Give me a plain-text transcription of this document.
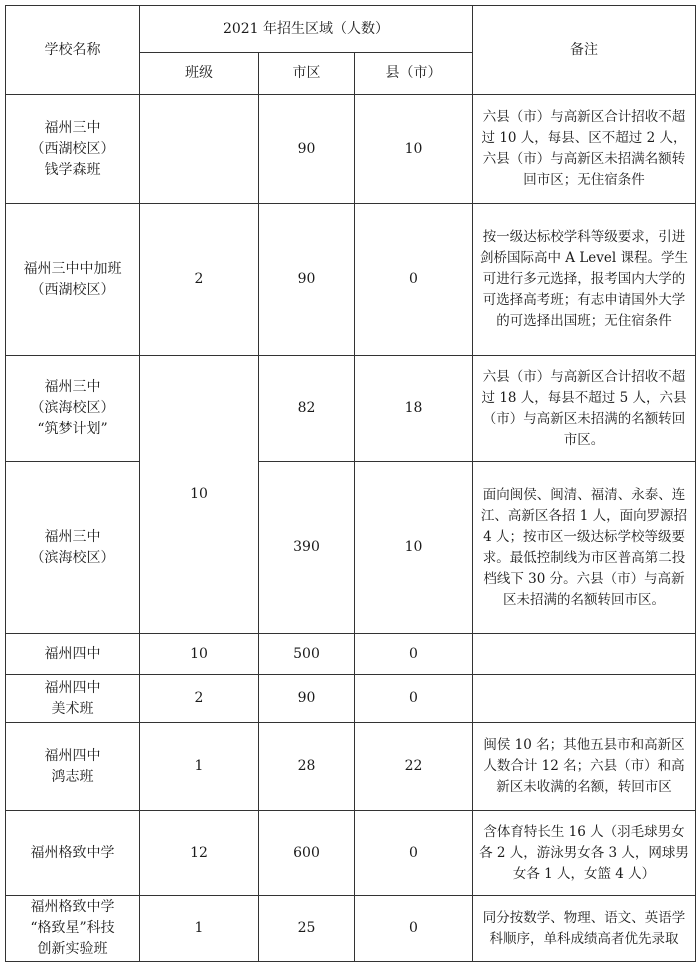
学校名称	2021 年招生区域（人数）			备注
	班级	市区	县（市）	

福州三中
（西湖校区）
钱学森班		90	10	六县（市）与高新区合计招收不超过 10 人，每县、区不超过 2 人，六县（市）与高新区未招满名额转回市区；无住宿条件

福州三中中加班
（西湖校区）	2	90	0	按一级达标校学科等级要求，引进剑桥国际高中 A Level 课程。学生可进行多元选择，报考国内大学的可选择高考班；有志申请国外大学的可选择出国班；无住宿条件

福州三中
（滨海校区）
“筑梦计划”	10	82	18	六县（市）与高新区合计招收不超过 18 人，每县不超过 5 人，六县（市）与高新区未招满的名额转回市区。

福州三中
（滨海校区）		390	10	面向闽侯、闽清、福清、永泰、连江、高新区各招 1 人，面向罗源招 4 人；按市区一级达标学校等级要求。最低控制线为市区普高第二投档线下 30 分。六县（市）与高新区未招满的名额转回市区。

福州四中	10	500	0	

福州四中
美术班	2	90	0	

福州四中
鸿志班	1	28	22	闽侯 10 名；其他五县市和高新区人数合计 12 名；六县（市）和高新区未收满的名额，转回市区

福州格致中学	12	600	0	含体育特长生 16 人（羽毛球男女各 2 人，游泳男女各 3 人，网球男女各 1 人，女篮 4 人）

福州格致中学
“格致星”科技
创新实验班	1	25	0	同分按数学、物理、语文、英语学科顺序，单科成绩高者优先录取
